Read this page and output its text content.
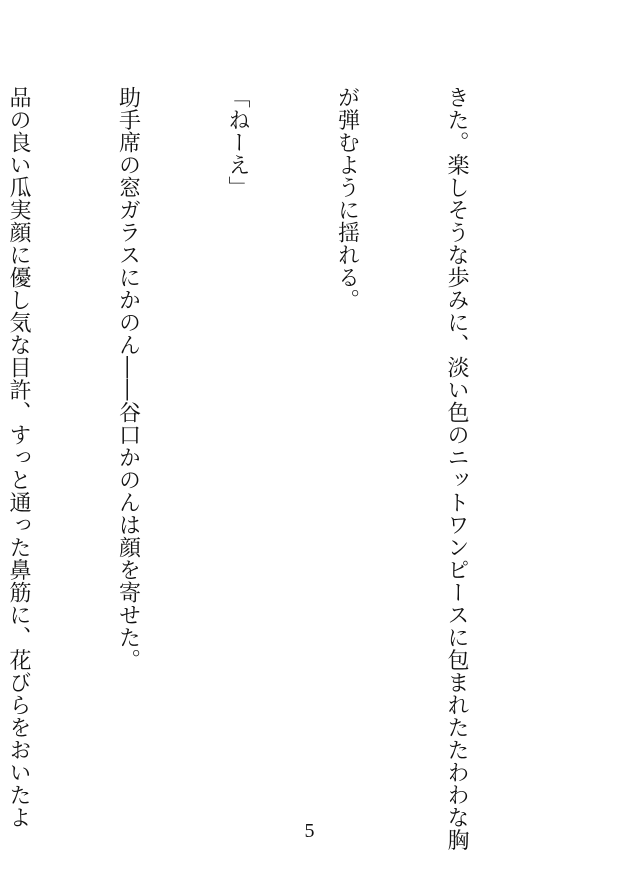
きた。楽しそうな歩みに、淡い色のニットワンピースに包まれたたわわな胸

が弾むように揺れる。

「ねーえ」

助手席の窓ガラスにかのん――谷口かのんは顔を寄せた。

品の良い瓜実顔に優し気な目許、すっと通った鼻筋に、花びらをおいたよ

5
